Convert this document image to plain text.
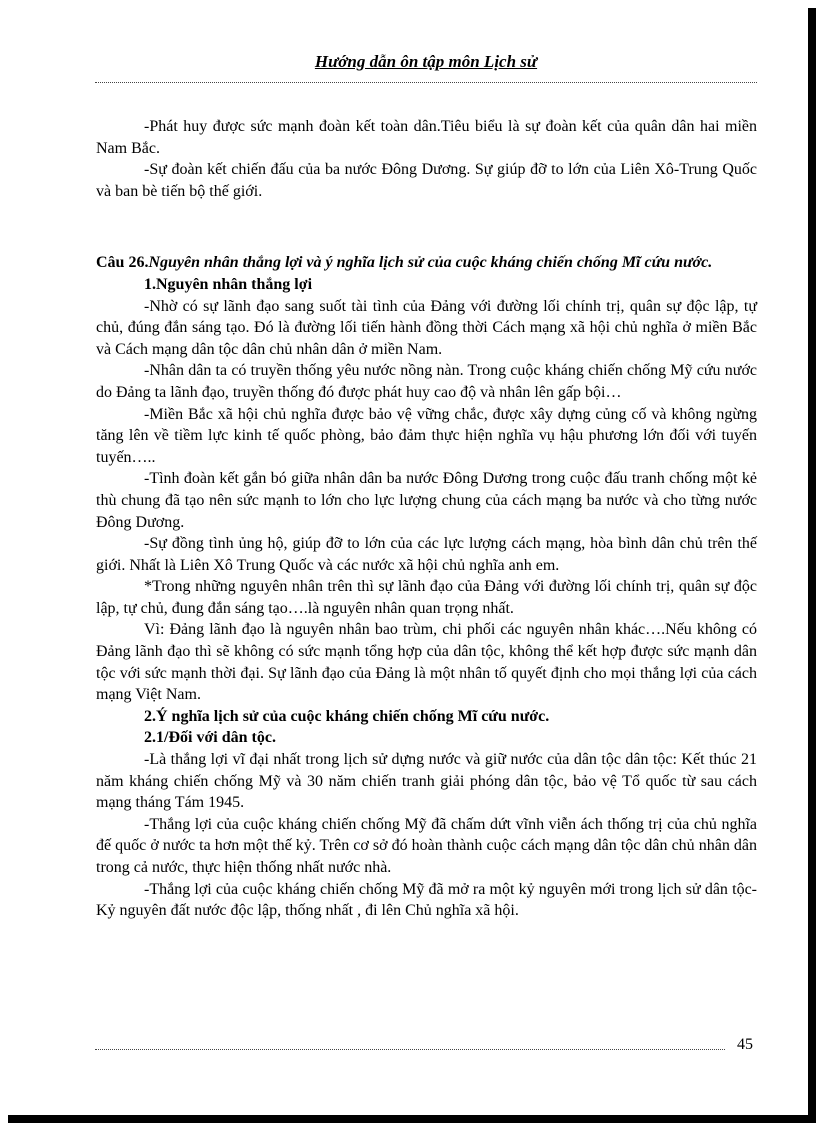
Hướng dẫn ôn tập môn Lịch sử

-Phát huy được sức mạnh đoàn kết toàn dân.Tiêu biểu là sự đoàn kết của quân dân hai miền Nam Bắc.

-Sự đoàn kết chiến đấu của ba nước Đông Dương. Sự giúp đỡ to lớn của Liên Xô-Trung Quốc và ban bè tiến bộ thế giới.

Câu 26.Nguyên nhân thắng lợi và ý nghĩa lịch sử của cuộc kháng chiến chống Mĩ cứu nước.

1.Nguyên nhân thắng lợi

-Nhờ có sự lãnh đạo sang suốt tài tình của Đảng với đường lối chính trị, quân sự độc lập, tự chủ, đúng đắn sáng tạo. Đó là đường lối tiến hành đồng thời Cách mạng xã hội chủ nghĩa ở miền Bắc và Cách mạng dân tộc dân chủ nhân dân ở miền Nam.

-Nhân dân ta có truyền thống yêu nước nồng nàn. Trong cuộc kháng chiến chống Mỹ cứu nước do Đảng ta lãnh đạo, truyền thống đó được phát huy cao độ và nhân lên gấp bội…

-Miền Bắc xã hội chủ nghĩa được bảo vệ vững chắc, được xây dựng củng cố và không ngừng tăng lên về tiềm lực kinh tế quốc phòng, bảo đảm thực hiện nghĩa vụ hậu phương lớn đối với tuyến tuyến…..

-Tình đoàn kết gắn bó giữa nhân dân ba nước Đông Dương trong cuộc đấu tranh chống một kẻ thù chung đã tạo nên sức mạnh to lớn cho lực lượng chung của cách mạng ba nước và cho từng nước Đông Dương.

-Sự đồng tình ủng hộ, giúp đỡ to lớn của các lực lượng cách mạng, hòa bình dân chủ trên thế giới. Nhất là Liên Xô Trung Quốc và các nước xã hội chủ nghĩa anh em.

*Trong những nguyên nhân trên thì sự lãnh đạo của Đảng với đường lối chính trị, quân sự độc lập, tự chủ, đung đắn sáng tạo….là nguyên nhân quan trọng nhất.

Vì: Đảng lãnh đạo là nguyên nhân bao trùm, chi phối các nguyên nhân khác….Nếu không có Đảng lãnh đạo thì sẽ không có sức mạnh tổng hợp của dân tộc, không thể kết hợp được sức mạnh dân tộc với sức mạnh thời đại. Sự lãnh đạo của Đảng là một nhân tố quyết định cho mọi thắng lợi của cách mạng Việt Nam.

2.Ý nghĩa lịch sử của cuộc kháng chiến chống Mĩ cứu nước.

2.1/Đối với dân tộc.

-Là thắng lợi vĩ đại nhất trong lịch sử dựng nước và giữ nước của dân tộc dân tộc: Kết thúc 21 năm kháng chiến chống Mỹ và 30 năm chiến tranh giải phóng dân tộc, bảo vệ Tổ quốc từ sau cách mạng tháng Tám 1945.

-Thắng lợi của cuộc kháng chiến chống Mỹ đã chấm dứt vĩnh viễn ách thống trị của chủ nghĩa đế quốc ở nước ta hơn một thế kỷ. Trên cơ sở đó hoàn thành cuộc cách mạng dân tộc dân chủ nhân dân trong cả nước, thực hiện thống nhất nước nhà.

-Thắng lợi của cuộc kháng chiến chống Mỹ đã mở ra một kỷ nguyên mới trong lịch sử dân tộc-Kỷ nguyên đất nước độc lập, thống nhất , đi lên Chủ nghĩa xã hội.

45
